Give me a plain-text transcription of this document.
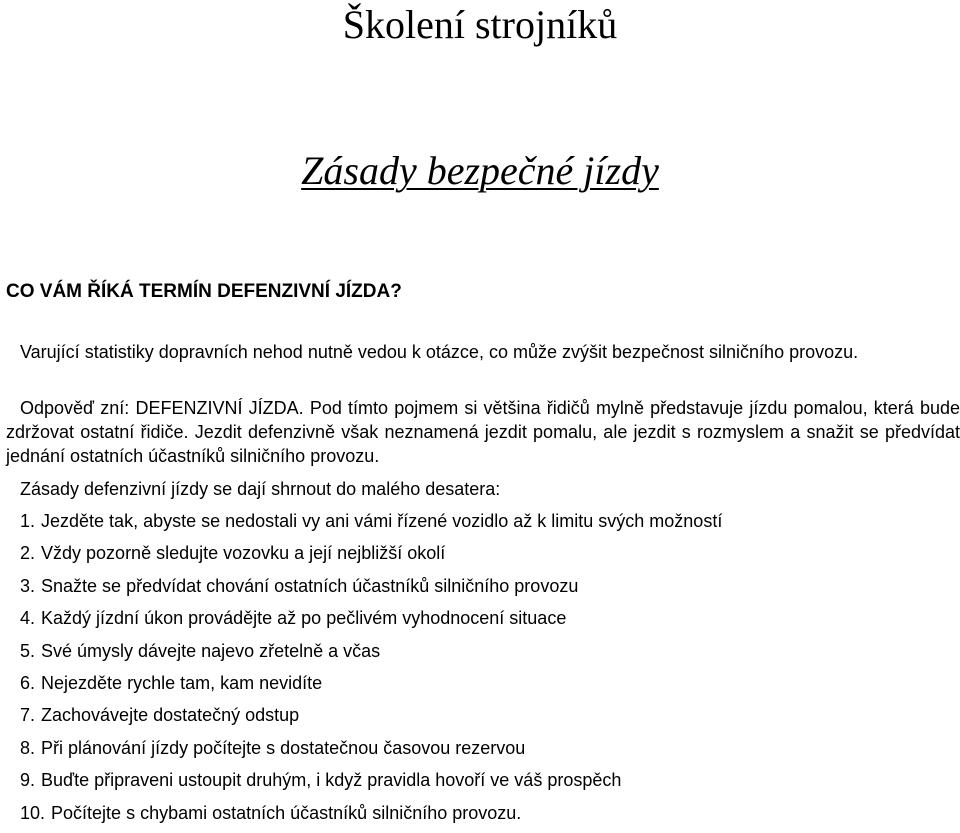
Školení strojníků
Zásady bezpečné jízdy
CO VÁM ŘÍKÁ TERMÍN DEFENZIVNÍ JÍZDA?

Varující statistiky dopravních nehod nutně vedou k otázce, co může zvýšit bezpečnost silničního provozu.

Odpověď zní: DEFENZIVNÍ JÍZDA. Pod tímto pojmem si většina řidičů mylně představuje jízdu pomalou, která bude zdržovat ostatní řidiče. Jezdit defenzivně však neznamená jezdit pomalu, ale jezdit s rozmyslem a snažit se předvídat jednání ostatních účastníků silničního provozu.

Zásady defenzivní jízdy se dají shrnout do malého desatera:

1. Jezděte tak, abyste se nedostali vy ani vámi řízené vozidlo až k limitu svých možností
2. Vždy pozorně sledujte vozovku a její nejbližší okolí
3. Snažte se předvídat chování ostatních účastníků silničního provozu
4. Každý jízdní úkon provádějte až po pečlivém vyhodnocení situace
5. Své úmysly dávejte najevo zřetelně a včas
6. Nejezděte rychle tam, kam nevidíte
7. Zachovávejte dostatečný odstup
8. Při plánování jízdy počítejte s dostatečnou časovou rezervou
9. Buďte připraveni ustoupit druhým, i když pravidla hovoří ve váš prospěch
10. Počítejte s chybami ostatních účastníků silničního provozu.
